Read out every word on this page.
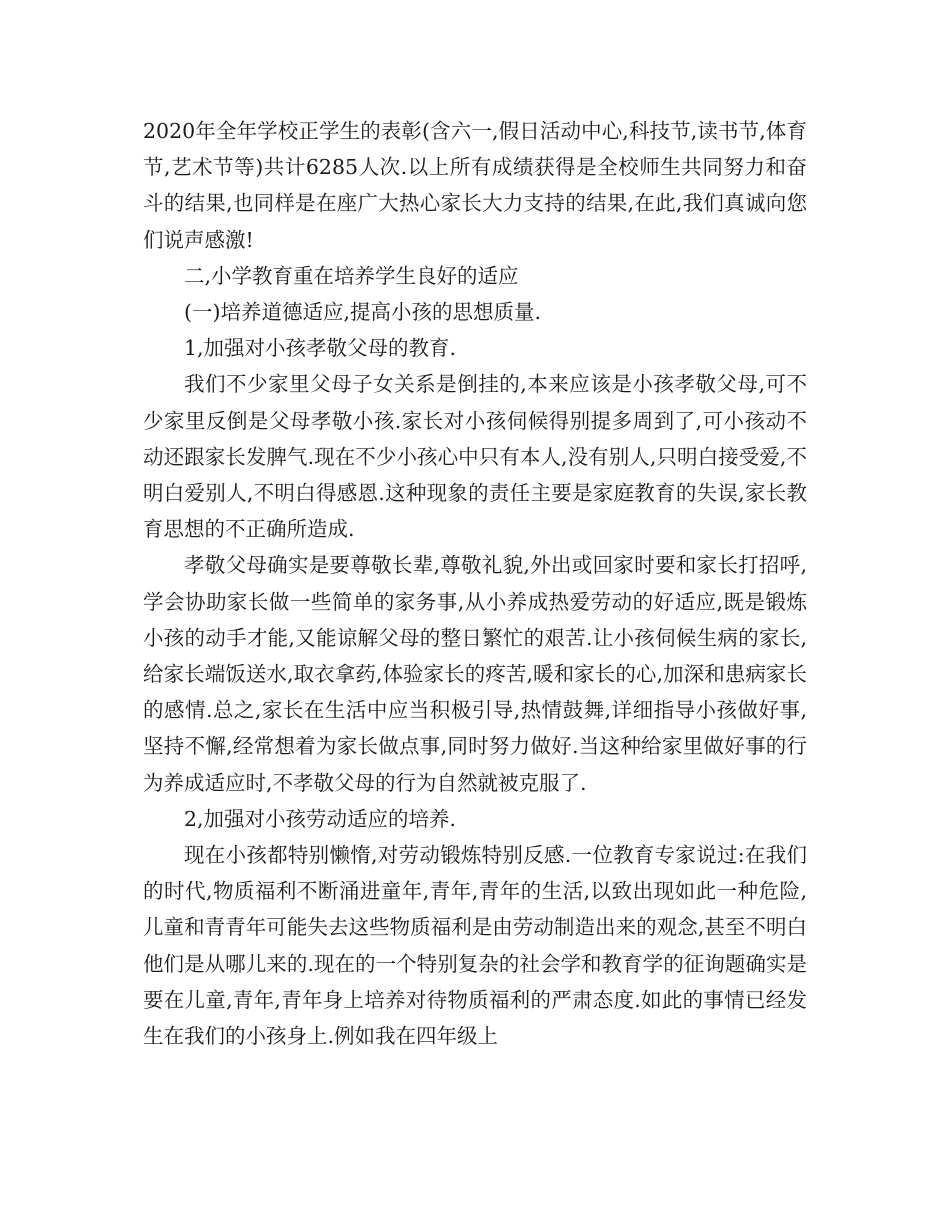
2020年全年学校正学生的表彰(含六一,假日活动中心,科技节,读书节,体育节,艺术节等)共计6285人次.以上所有成绩获得是全校师生共同努力和奋斗的结果,也同样是在座广大热心家长大力支持的结果,在此,我们真诚向您们说声感激!

二,小学教育重在培养学生良好的适应

(一)培养道德适应,提高小孩的思想质量.

1,加强对小孩孝敬父母的教育.

我们不少家里父母子女关系是倒挂的,本来应该是小孩孝敬父母,可不少家里反倒是父母孝敬小孩.家长对小孩伺候得别提多周到了,可小孩动不动还跟家长发脾气.现在不少小孩心中只有本人,没有别人,只明白接受爱,不明白爱别人,不明白得感恩.这种现象的责任主要是家庭教育的失误,家长教育思想的不正确所造成.

孝敬父母确实是要尊敬长辈,尊敬礼貌,外出或回家时要和家长打招呼,学会协助家长做一些简单的家务事,从小养成热爱劳动的好适应,既是锻炼小孩的动手才能,又能谅解父母的整日繁忙的艰苦.让小孩伺候生病的家长,给家长端饭送水,取衣拿药,体验家长的疼苦,暖和家长的心,加深和患病家长的感情.总之,家长在生活中应当积极引导,热情鼓舞,详细指导小孩做好事,坚持不懈,经常想着为家长做点事,同时努力做好.当这种给家里做好事的行为养成适应时,不孝敬父母的行为自然就被克服了.

2,加强对小孩劳动适应的培养.

现在小孩都特别懒惰,对劳动锻炼特别反感.一位教育专家说过:在我们的时代,物质福利不断涌进童年,青年,青年的生活,以致出现如此一种危险,儿童和青青年可能失去这些物质福利是由劳动制造出来的观念,甚至不明白他们是从哪儿来的.现在的一个特别复杂的社会学和教育学的征询题确实是要在儿童,青年,青年身上培养对待物质福利的严肃态度.如此的事情已经发生在我们的小孩身上.例如我在四年级上
